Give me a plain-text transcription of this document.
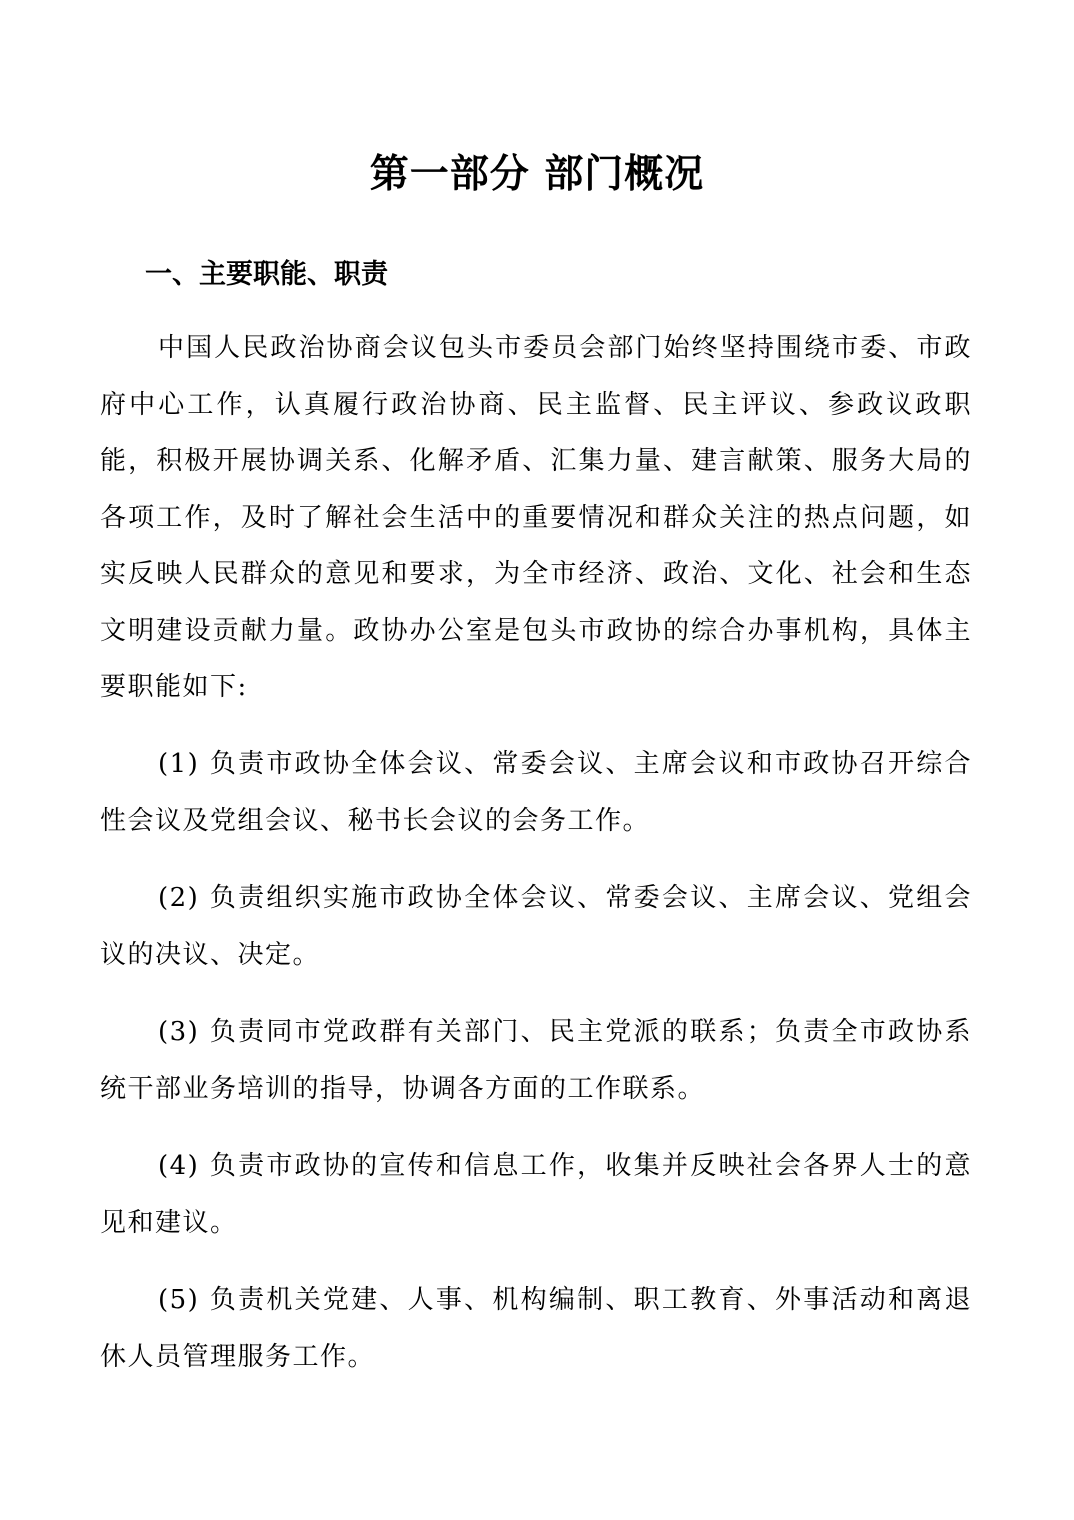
第一部分 部门概况
一、主要职能、职责

中国人民政治协商会议包头市委员会部门始终坚持围绕市委、市政府中心工作，认真履行政治协商、民主监督、民主评议、参政议政职能，积极开展协调关系、化解矛盾、汇集力量、建言献策、服务大局的各项工作，及时了解社会生活中的重要情况和群众关注的热点问题，如实反映人民群众的意见和要求，为全市经济、政治、文化、社会和生态文明建设贡献力量。政协办公室是包头市政协的综合办事机构，具体主要职能如下:

(1) 负责市政协全体会议、常委会议、主席会议和市政协召开综合性会议及党组会议、秘书长会议的会务工作。

(2) 负责组织实施市政协全体会议、常委会议、主席会议、党组会议的决议、决定。

(3) 负责同市党政群有关部门、民主党派的联系；负责全市政协系统干部业务培训的指导，协调各方面的工作联系。

(4) 负责市政协的宣传和信息工作，收集并反映社会各界人士的意见和建议。

(5) 负责机关党建、人事、机构编制、职工教育、外事活动和离退休人员管理服务工作。
